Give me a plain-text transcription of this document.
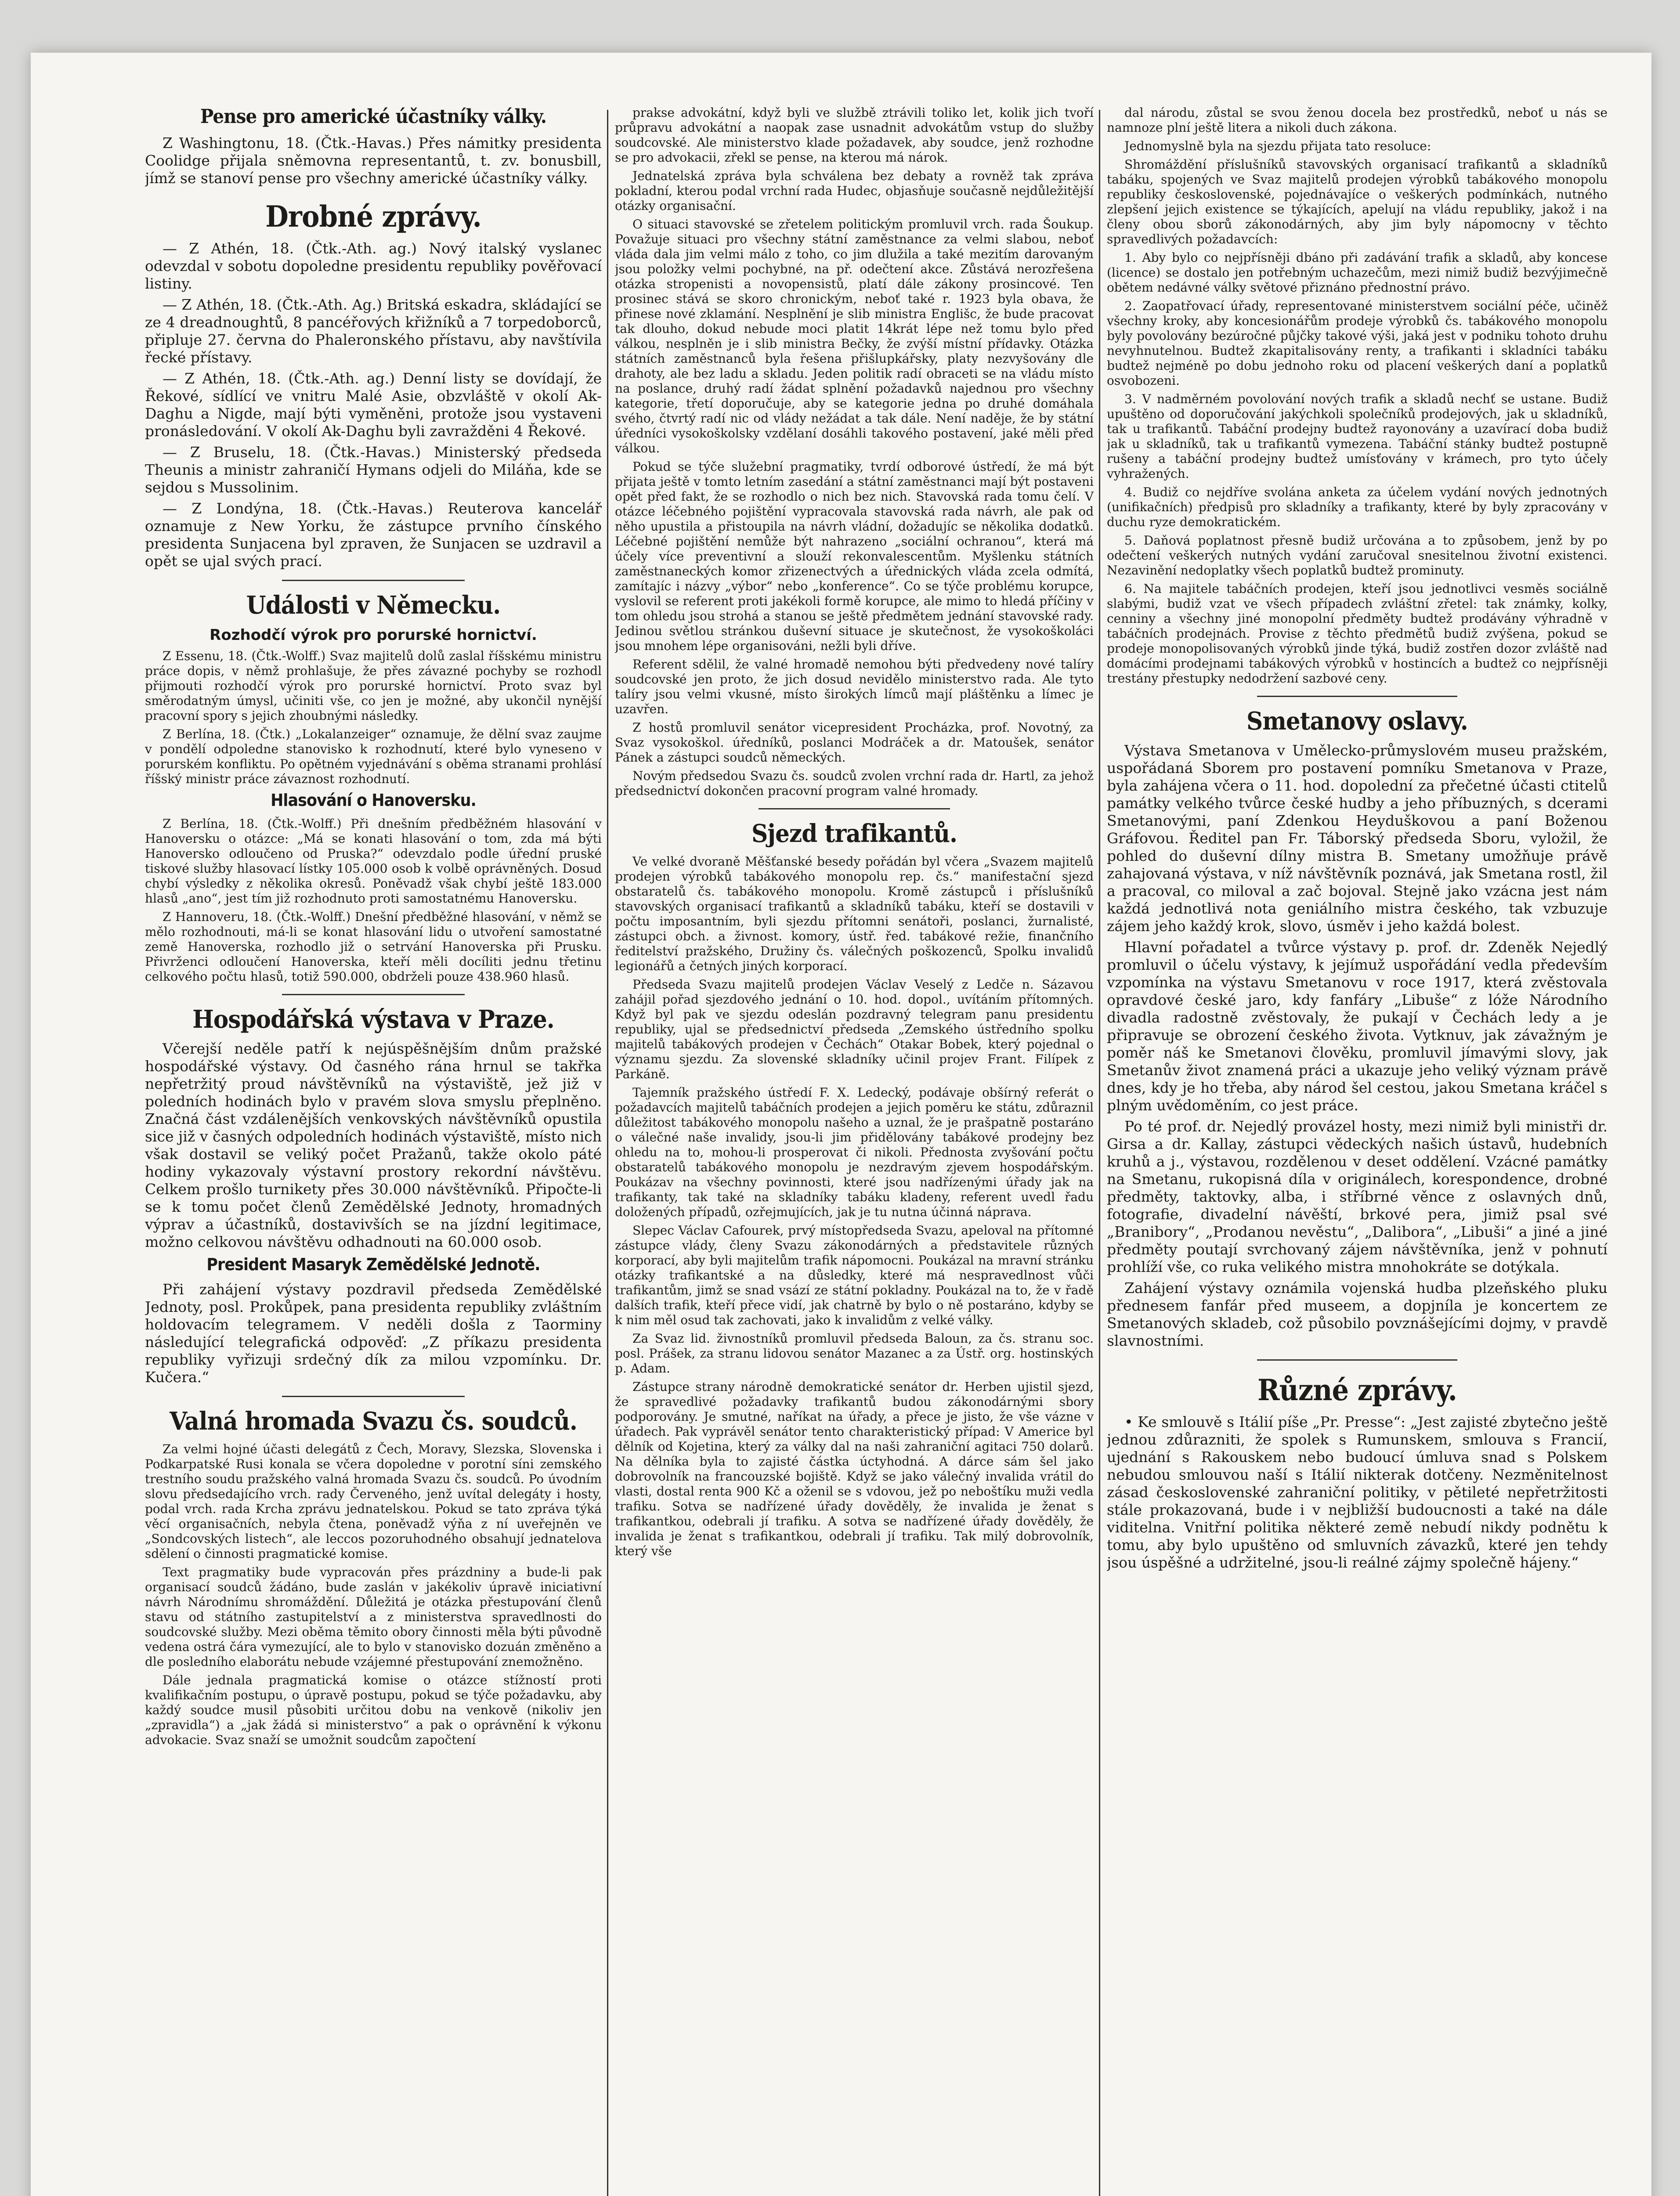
Pense pro americké účastníky války.

Z Washingtonu, 18. (Čtk.-Havas.) Přes námitky presidenta Coolidge přijala sněmovna representantů, t. zv. bonusbill, jímž se stanoví pense pro všechny americké účastníky války.

Drobné zprávy.

— Z Athén, 18. (Čtk.-Ath. ag.) Nový italský vyslanec odevzdal v sobotu dopoledne presidentu republiky pověřovací listiny.

— Z Athén, 18. (Čtk.-Ath. Ag.) Britská eskadra, skládající se ze 4 dreadnoughtů, 8 pancéřových křižníků a 7 torpedoborců, připluje 27. června do Phaleronského přístavu, aby navštívila řecké přístavy.

— Z Athén, 18. (Čtk.-Ath. ag.) Denní listy se dovídají, že Řekové, sídlící ve vnitru Malé Asie, obzvláště v okolí Ak-Daghu a Nigde, mají býti vyměněni, protože jsou vystaveni pronásledování. V okolí Ak-Daghu byli zavražděni 4 Řekové.

— Z Bruselu, 18. (Čtk.-Havas.) Ministerský předseda Theunis a ministr zahraničí Hymans odjeli do Miláňa, kde se sejdou s Mussolinim.

— Z Londýna, 18. (Čtk.-Havas.) Reuterova kancelář oznamuje z New Yorku, že zástupce prvního čínského presidenta Sunjacena byl zpraven, že Sunjacen se uzdravil a opět se ujal svých prací.

Události v Německu.
Rozhodčí výrok pro porurské hornictví.

Z Essenu, 18. (Čtk.-Wolff.) Svaz majitelů dolů zaslal říšskému ministru práce dopis, v němž prohlašuje, že přes závazné pochyby se rozhodl přijmouti rozhodčí výrok pro porurské hornictví. Proto svaz byl směrodatným úmysl, učiniti vše, co jen je možné, aby ukončil nynější pracovní spory s jejich zhoubnými následky.

Z Berlína, 18. (Čtk.) „Lokalanzeiger“ oznamuje, že dělní svaz zaujme v pondělí odpoledne stanovisko k rozhodnutí, které bylo vyneseno v porurském konfliktu. Po opětném vyjednávání s oběma stranami prohlásí říšský ministr práce závaznost rozhodnutí.

Hlasování o Hanoversku.

Z Berlína, 18. (Čtk.-Wolff.) Při dnešním předběžném hlasování v Hanoversku o otázce: „Má se konati hlasování o tom, zda má býti Hanoversko odloučeno od Pruska?“ odevzdalo podle úřední pruské tiskové služby hlasovací lístky 105.000 osob k volbě oprávněných. Dosud chybí výsledky z několika okresů. Poněvadž však chybí ještě 183.000 hlasů „ano“, jest tím již rozhodnuto proti samostatnému Hanoversku.

Z Hannoveru, 18. (Čtk.-Wolff.) Dnešní předběžné hlasování, v němž se mělo rozhodnouti, má-li se konat hlasování lidu o utvoření samostatné země Hanoverska, rozhodlo již o setrvání Hanoverska při Prusku. Přivrženci odloučení Hanoverska, kteří měli docíliti jednu třetinu celkového počtu hlasů, totiž 590.000, obdrželi pouze 438.960 hlasů.

Hospodářská výstava v Praze.

Včerejší neděle patří k nejúspěšnějším dnům pražské hospodářské výstavy. Od časného rána hrnul se takřka nepřetržitý proud návštěvníků na výstaviště, jež již v poledních hodinách bylo v pravém slova smyslu přeplněno. Značná část vzdálenějších venkovských návštěvníků opustila sice již v časných odpoledních hodinách výstaviště, místo nich však dostavil se veliký počet Pražanů, takže okolo páté hodiny vykazovaly výstavní prostory rekordní návštěvu. Celkem prošlo turnikety přes 30.000 návštěvníků. Připočte-li se k tomu počet členů Zemědělské Jednoty, hromadných výprav a účastníků, dostavivších se na jízdní legitimace, možno celkovou návštěvu odhadnouti na 60.000 osob.

President Masaryk Zemědělské Jednotě.

Při zahájení výstavy pozdravil předseda Zemědělské Jednoty, posl. Prokůpek, pana presidenta republiky zvláštním holdovacím telegramem. V neděli došla z Taorminy následující telegrafická odpověď: „Z příkazu presidenta republiky vyřizuji srdečný dík za milou vzpomínku. Dr. Kučera.“

Valná hromada Svazu čs. soudců.

Za velmi hojné účasti delegátů z Čech, Moravy, Slezska, Slovenska i Podkarpatské Rusi konala se včera dopoledne v porotní síni zemského trestního soudu pražského valná hromada Svazu čs. soudců. Po úvodním slovu předsedajícího vrch. rady Červeného, jenž uvítal delegáty i hosty, podal vrch. rada Krcha zprávu jednatelskou. Pokud se tato zpráva týká věcí organisačních, nebyla čtena, poněvadž výňa z ní uveřejněn ve „Sondcovských listech“, ale leccos pozoruhodného obsahují jednatelova sdělení o činnosti pragmatické komise.

Text pragmatiky bude vypracován přes prázdniny a bude-li pak organisací soudců žádáno, bude zaslán v jakékoliv úpravě iniciativní návrh Národnímu shromáždění. Důležitá je otázka přestupování členů stavu od státního zastupitelství a z ministerstva spravedlnosti do soudcovské služby. Mezi oběma těmito obory činnosti měla býti původně vedena ostrá čára vymezující, ale to bylo v stanovisko dozuán změněno a dle posledního elaborátu nebude vzájemné přestupování znemožněno.

Dále jednala pragmatická komise o otázce stížností proti kvalifikačním postupu, o úpravě postupu, pokud se týče požadavku, aby každý soudce musil působiti určitou dobu na venkově (nikoliv jen „zpravidla“) a „jak žádá si ministerstvo“ a pak o oprávnění k výkonu advokacie. Svaz snaží se umožnit soudcům započtení

prakse advokátní, když byli ve službě ztrávili toliko let, kolik jich tvoří průpravu advokátní a naopak zase usnadnit advokátům vstup do služby soudcovské. Ale ministerstvo klade požadavek, aby soudce, jenž rozhodne se pro advokacii, zřekl se pense, na kterou má nárok.

Jednatelská zpráva byla schválena bez debaty a rovněž tak zpráva pokladní, kterou podal vrchní rada Hudec, objasňuje současně nejdůležitější otázky organisační.

O situaci stavovské se zřetelem politickým promluvil vrch. rada Šoukup. Považuje situaci pro všechny státní zaměstnance za velmi slabou, neboť vláda dala jim velmi málo z toho, co jim dlužila a také mezitím darovaným jsou položky velmi pochybné, na př. odečtení akce. Zůstává nerozřešena otázka stropenisti a novopensistů, platí dále zákony prosincové. Ten prosinec stává se skoro chronickým, neboť také r. 1923 byla obava, že přinese nové zklamání. Nesplnění je slib ministra Englišc, že bude pracovat tak dlouho, dokud nebude moci platit 14krát lépe než tomu bylo před válkou, nesplněn je i slib ministra Bečky, že zvýší místní přídavky. Otázka státních zaměstnanců byla řešena přišlupkářsky, platy nezvyšovány dle drahoty, ale bez ladu a skladu. Jeden politik radí obraceti se na vládu místo na poslance, druhý radí žádat splnění požadavků najednou pro všechny kategorie, třetí doporučuje, aby se kategorie jedna po druhé domáhala svého, čtvrtý radí nic od vlády nežádat a tak dále. Není naděje, že by státní úředníci vysokoškolsky vzdělaní dosáhli takového postavení, jaké měli před válkou.

Pokud se týče služební pragmatiky, tvrdí odborové ústředí, že má být přijata ještě v tomto letním zasedání a státní zaměstnanci mají být postaveni opět před fakt, že se rozhodlo o nich bez nich. Stavovská rada tomu čelí. V otázce léčebného pojištění vypracovala stavovská rada návrh, ale pak od něho upustila a přistoupila na návrh vládní, dožadujíc se několika dodatků. Léčebné pojištění nemůže být nahrazeno „sociální ochranou“, která má účely více preventivní a slouží rekonvalescentům. Myšlenku státních zaměstnaneckých komor zřizenectvých a úřednických vláda zcela odmítá, zamítajíc i názvy „výbor“ nebo „konference“. Co se týče problému korupce, vyslovil se referent proti jakékoli formě korupce, ale mimo to hledá příčiny v tom ohledu jsou strohá a stanou se ještě předmětem jednání stavovské rady. Jedinou světlou stránkou duševní situace je skutečnost, že vysokoškoláci jsou mnohem lépe organisováni, nežli byli dříve.

Referent sdělil, že valné hromadě nemohou býti předvedeny nové talíry soudcovské jen proto, že jich dosud nevidělo ministerstvo rada. Ale tyto talíry jsou velmi vkusné, místo širokých límců mají pláštěnku a límec je uzavřen.

Z hostů promluvil senátor vicepresident Procházka, prof. Novotný, za Svaz vysokoškol. úředníků, poslanci Modráček a dr. Matoušek, senátor Pánek a zástupci soudců německých.

Novým předsedou Svazu čs. soudců zvolen vrchní rada dr. Hartl, za jehož předsednictví dokončen pracovní program valné hromady.

Sjezd trafikantů.

Ve velké dvoraně Měšťanské besedy pořádán byl včera „Svazem majitelů prodejen výrobků tabákového monopolu rep. čs.“ manifestační sjezd obstaratelů čs. tabákového monopolu. Kromě zástupců i příslušníků stavovských organisací trafikantů a skladníků tabáku, kteří se dostavili v počtu imposantním, byli sjezdu přítomni senátoři, poslanci, žurnalisté, zástupci obch. a živnost. komory, ústř. řed. tabákové režie, finančního ředitelství pražského, Družiny čs. válečných poškozenců, Spolku invalidů legionářů a četných jiných korporací.

Předseda Svazu majitelů prodejen Václav Veselý z Ledče n. Sázavou zahájil pořad sjezdového jednání o 10. hod. dopol., uvítáním přítomných. Když byl pak ve sjezdu odeslán pozdravný telegram panu presidentu republiky, ujal se předsednictví předseda „Zemského ústředního spolku majitelů tabákových prodejen v Čechách“ Otakar Bobek, který pojednal o významu sjezdu. Za slovenské skladníky učinil projev Frant. Filípek z Parkáně.

Tajemník pražského ústředí F. X. Ledecký, podávaje obšírný referát o požadavcích majitelů tabáčních prodejen a jejich poměru ke státu, zdůraznil důležitost tabákového monopolu našeho a uznal, že je prašpatně postaráno o válečné naše invalidy, jsou-li jim přidělovány tabákové prodejny bez ohledu na to, mohou-li prosperovat či nikoli. Přednosta zvyšování počtu obstaratelů tabákového monopolu je nezdravým zjevem hospodářským. Poukázav na všechny povinnosti, které jsou nadřízenými úřady jak na trafikanty, tak také na skladníky tabáku kladeny, referent uvedl řadu doložených případů, ozřejmujících, jak je tu nutna účinná náprava.

Slepec Václav Cafourek, prvý místopředseda Svazu, apeloval na přítomné zástupce vlády, členy Svazu zákonodárných a představitele různých korporací, aby byli majitelům trafik nápomocni. Poukázal na mravní stránku otázky trafikantské a na důsledky, které má nespravedlnost vůči trafikantům, jimž se snad vsází ze státní pokladny. Poukázal na to, že v řadě dalších trafik, kteří přece vidí, jak chatrně by bylo o ně postaráno, kdyby se k nim měl osud tak zachovati, jako k invalidům z velké války.

Za Svaz lid. živnostníků promluvil předseda Baloun, za čs. stranu soc. posl. Prášek, za stranu lidovou senátor Mazanec a za Ústř. org. hostinských p. Adam.

Zástupce strany národně demokratické senátor dr. Herben ujistil sjezd, že spravedlivé požadavky trafikantů budou zákonodárnými sbory podporovány. Je smutné, naříkat na úřady, a přece je jisto, že vše vázne v úřadech. Pak vyprávěl senátor tento charakteristický případ: V Americe byl dělník od Kojetina, který za války dal na naši zahraniční agitaci 750 dolarů. Na dělníka byla to zajisté částka úctyhodná. A dárce sám šel jako dobrovolník na francouzské bojiště. Když se jako válečný invalida vrátil do vlasti, dostal renta 900 Kč a oženil se s vdovou, jež po neboštíku muži vedla trafiku. Sotva se nadřízené úřady dověděly, že invalida je ženat s trafikantkou, odebrali jí trafiku. A sotva se nadřízené úřady dověděly, že invalida je ženat s trafikantkou, odebrali jí trafiku. Tak milý dobrovolník, který vše

dal národu, zůstal se svou ženou docela bez prostředků, neboť u nás se namnoze plní ještě litera a nikoli duch zákona.

Jednomyslně byla na sjezdu přijata tato resoluce:

Shromáždění příslušníků stavovských organisací trafikantů a skladníků tabáku, spojených ve Svaz majitelů prodejen výrobků tabákového monopolu republiky československé, pojednávajíce o veškerých podmínkách, nutného zlepšení jejich existence se týkajících, apelují na vládu republiky, jakož i na členy obou sborů zákonodárných, aby jim byly nápomocny v těchto spravedlivých požadavcích:

1. Aby bylo co nejpřísněji dbáno při zadávání trafik a skladů, aby koncese (licence) se dostalo jen potřebným uchazečům, mezi nimiž budiž bezvýjimečně obětem nedávné války světové přiznáno přednostní právo.

2. Zaopatřovací úřady, representované ministerstvem sociální péče, učiněž všechny kroky, aby koncesionářům prodeje výrobků čs. tabákového monopolu byly povolovány bezúročné půjčky takové výši, jaká jest v podniku tohoto druhu nevyhnutelnou. Budtež zkapitalisovány renty, a trafikanti i skladníci tabáku budtež nejméně po dobu jednoho roku od placení veškerých daní a poplatků osvobozeni.

3. V nadměrném povolování nových trafik a skladů nechť se ustane. Budiž upuštěno od doporučování jakýchkoli společníků prodejových, jak u skladníků, tak u trafikantů. Tabáční prodejny budtež rayonovány a uzavírací doba budiž jak u skladníků, tak u trafikantů vymezena. Tabáční stánky budtež postupně rušeny a tabáční prodejny budtež umísťovány v krámech, pro tyto účely vyhražených.

4. Budiž co nejdříve svolána anketa za účelem vydání nových jednotných (unifikačních) předpisů pro skladníky a trafikanty, které by byly zpracovány v duchu ryze demokratickém.

5. Daňová poplatnost přesně budiž určována a to způsobem, jenž by po odečtení veškerých nutných vydání zaručoval snesitelnou životní existenci. Nezavinění nedoplatky všech poplatků budtež prominuty.

6. Na majitele tabáčních prodejen, kteří jsou jednotlivci vesměs sociálně slabými, budiž vzat ve všech případech zvláštní zřetel: tak známky, kolky, cenniny a všechny jiné monopolní předměty budtež prodávány výhradně v tabáčních prodejnách. Provise z těchto předmětů budiž zvýšena, pokud se prodeje monopolisovaných výrobků jinde týká, budiž zostřen dozor zvláště nad domácími prodejnami tabákových výrobků v hostincích a budtež co nejpřísněji trestány přestupky nedodržení sazbové ceny.

Smetanovy oslavy.

Výstava Smetanova v Umělecko-průmyslovém museu pražském, uspořádaná Sborem pro postavení pomníku Smetanova v Praze, byla zahájena včera o 11. hod. dopolední za přečetné účasti ctitelů památky velkého tvůrce české hudby a jeho příbuzných, s dcerami Smetanovými, paní Zdenkou Heyduškovou a paní Boženou Gráfovou. Ředitel pan Fr. Táborský předseda Sboru, vyložil, že pohled do duševní dílny mistra B. Smetany umožňuje právě zahajovaná výstava, v níž návštěvník poznává, jak Smetana rostl, žil a pracoval, co miloval a zač bojoval. Stejně jako vzácna jest nám každá jednotlivá nota geniálního mistra českého, tak vzbuzuje zájem jeho každý krok, slovo, úsměv i jeho každá bolest.

Hlavní pořadatel a tvůrce výstavy p. prof. dr. Zdeněk Nejedlý promluvil o účelu výstavy, k jejímuž uspořádání vedla především vzpomínka na výstavu Smetanovu v roce 1917, která zvěstovala opravdové české jaro, kdy fanfáry „Libuše“ z lóže Národního divadla radostně zvěstovaly, že pukají v Čechách ledy a je připravuje se obrození českého života. Vytknuv, jak závažným je poměr náš ke Smetanovi člověku, promluvil jímavými slovy, jak Smetanův život znamená práci a ukazuje jeho veliký význam právě dnes, kdy je ho třeba, aby národ šel cestou, jakou Smetana kráčel s plným uvědoměním, co jest práce.

Po té prof. dr. Nejedlý provázel hosty, mezi nimiž byli ministři dr. Girsa a dr. Kallay, zástupci vědeckých našich ústavů, hudebních kruhů a j., výstavou, rozdělenou v deset oddělení. Vzácné památky na Smetanu, rukopisná díla v originálech, korespondence, drobné předměty, taktovky, alba, i stříbrné věnce z oslavných dnů, fotografie, divadelní návěští, brkové pera, jimiž psal své „Branibory“, „Prodanou nevěstu“, „Dalibora“, „Libuši“ a jiné a jiné předměty poutají svrchovaný zájem návštěvníka, jenž v pohnutí prohlíží vše, co ruka velikého mistra mnohokráte se dotýkala.

Zahájení výstavy oznámila vojenská hudba plzeňského pluku přednesem fanfár před museem, a dopjníla je koncertem ze Smetanových skladeb, což působilo povznášejícími dojmy, v pravdě slavnostními.

Různé zprávy.

• Ke smlouvě s Itálií píše „Pr. Presse“: „Jest zajisté zbytečno ještě jednou zdůrazniti, že spolek s Rumunskem, smlouva s Francií, ujednání s Rakouskem nebo budoucí úmluva snad s Polskem nebudou smlouvou naší s Itálií nikterak dotčeny. Nezměnitelnost zásad československé zahraniční politiky, v pětileté nepřetržitosti stále prokazovaná, bude i v nejbližší budoucnosti a také na dále viditelna. Vnitřní politika některé země nebudí nikdy podnětu k tomu, aby bylo upuštěno od smluvních závazků, které jen tehdy jsou úspěšné a udržitelné, jsou-li reálné zájmy společně hájeny.“
